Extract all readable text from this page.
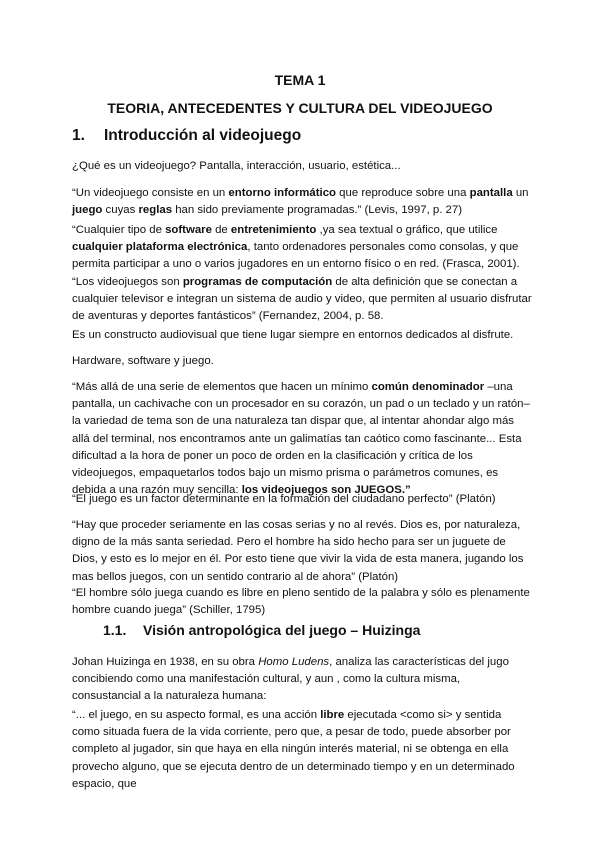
TEMA 1
TEORIA, ANTECEDENTES Y CULTURA DEL VIDEOJUEGO
1. Introducción al videojuego

¿Qué es un videojuego? Pantalla, interacción, usuario, estética...

“Un videojuego consiste en un entorno informático que reproduce sobre una pantalla un juego cuyas reglas han sido previamente programadas.” (Levis, 1997, p. 27)

“Cualquier tipo de software de entretenimiento ,ya sea textual o gráfico, que utilice cualquier plataforma electrónica, tanto ordenadores personales como consolas, y que permita participar a uno o varios jugadores en un entorno físico o en red. (Frasca, 2001).

“Los videojuegos son programas de computación de alta definición que se conectan a cualquier televisor e integran un sistema de audio y video, que permiten al usuario disfrutar de aventuras y deportes fantásticos” (Fernandez, 2004, p. 58.

Es un constructo audiovisual que tiene lugar siempre en entornos dedicados al disfrute.

Hardware, software y juego.

“Más allá de una serie de elementos que hacen un mínimo común denominador –una pantalla, un cachivache con un procesador en su corazón, un pad o un teclado y un ratón– la variedad de tema son de una naturaleza tan dispar que, al intentar ahondar algo más allá del terminal, nos encontramos ante un galimatías tan caótico como fascinante... Esta dificultad a la hora de poner un poco de orden en la clasificación y crítica de los videojuegos, empaquetarlos todos bajo un mismo prisma o parámetros comunes, es debida a una razón muy sencilla: los videojuegos son JUEGOS.”

“El juego es un factor determinante en la formación del ciudadano perfecto” (Platón)

“Hay que proceder seriamente en las cosas serias y no al revés. Dios es, por naturaleza, digno de la más santa seriedad. Pero el hombre ha sido hecho para ser un juguete de Dios, y esto es lo mejor en él. Por esto tiene que vivir la vida de esta manera, jugando los mas bellos juegos, con un sentido contrario al de ahora” (Platón)

“El hombre sólo juega cuando es libre en pleno sentido de la palabra y sólo es plenamente hombre cuando juega” (Schiller, 1795)

1.1. Visión antropológica del juego – Huizinga

Johan Huizinga en 1938, en su obra Homo Ludens, analiza las características del jugo concibiendo como una manifestación cultural, y aun , como la cultura misma, consustancial a la naturaleza humana:

“... el juego, en su aspecto formal, es una acción libre ejecutada <como si> y sentida como situada fuera de la vida corriente, pero que, a pesar de todo, puede absorber por completo al jugador, sin que haya en ella ningún interés material, ni se obtenga en ella provecho alguno, que se ejecuta dentro de un determinado tiempo y en un determinado espacio, que
